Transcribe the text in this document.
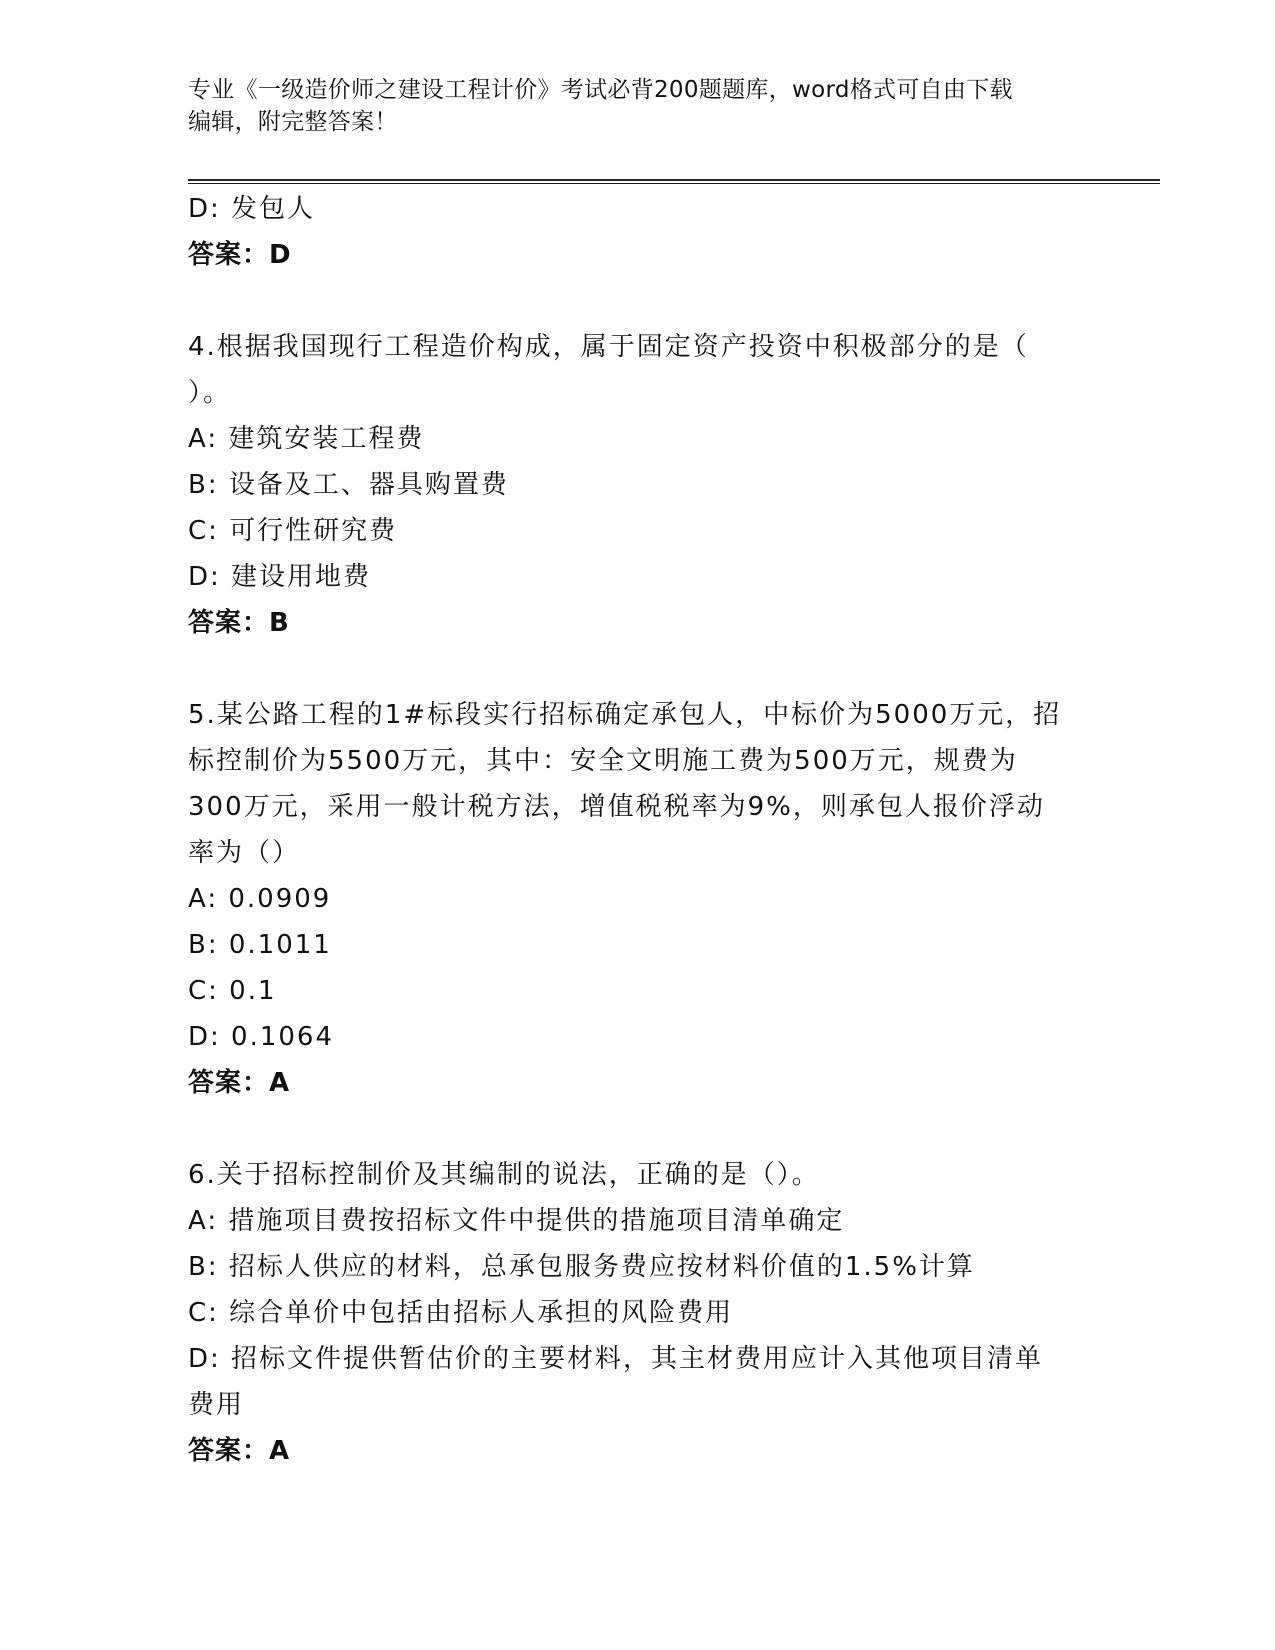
专业《一级造价师之建设工程计价》考试必背200题题库，word格式可自由下载
编辑，附完整答案！
D: 发包人
答案：D
4.根据我国现行工程造价构成，属于固定资产投资中积极部分的是（
）。
A: 建筑安装工程费
B: 设备及工、器具购置费
C: 可行性研究费
D: 建设用地费
答案：B
5.某公路工程的1#标段实行招标确定承包人，中标价为5000万元，招
标控制价为5500万元，其中：安全文明施工费为500万元，规费为
300万元，采用一般计税方法，增值税税率为9%，则承包人报价浮动
率为（）
A: 0.0909
B: 0.1011
C: 0.1
D: 0.1064
答案：A
6.关于招标控制价及其编制的说法，正确的是（）。
A: 措施项目费按招标文件中提供的措施项目清单确定
B: 招标人供应的材料，总承包服务费应按材料价值的1.5%计算
C: 综合单价中包括由招标人承担的风险费用
D: 招标文件提供暂估价的主要材料，其主材费用应计入其他项目清单
费用
答案：A
